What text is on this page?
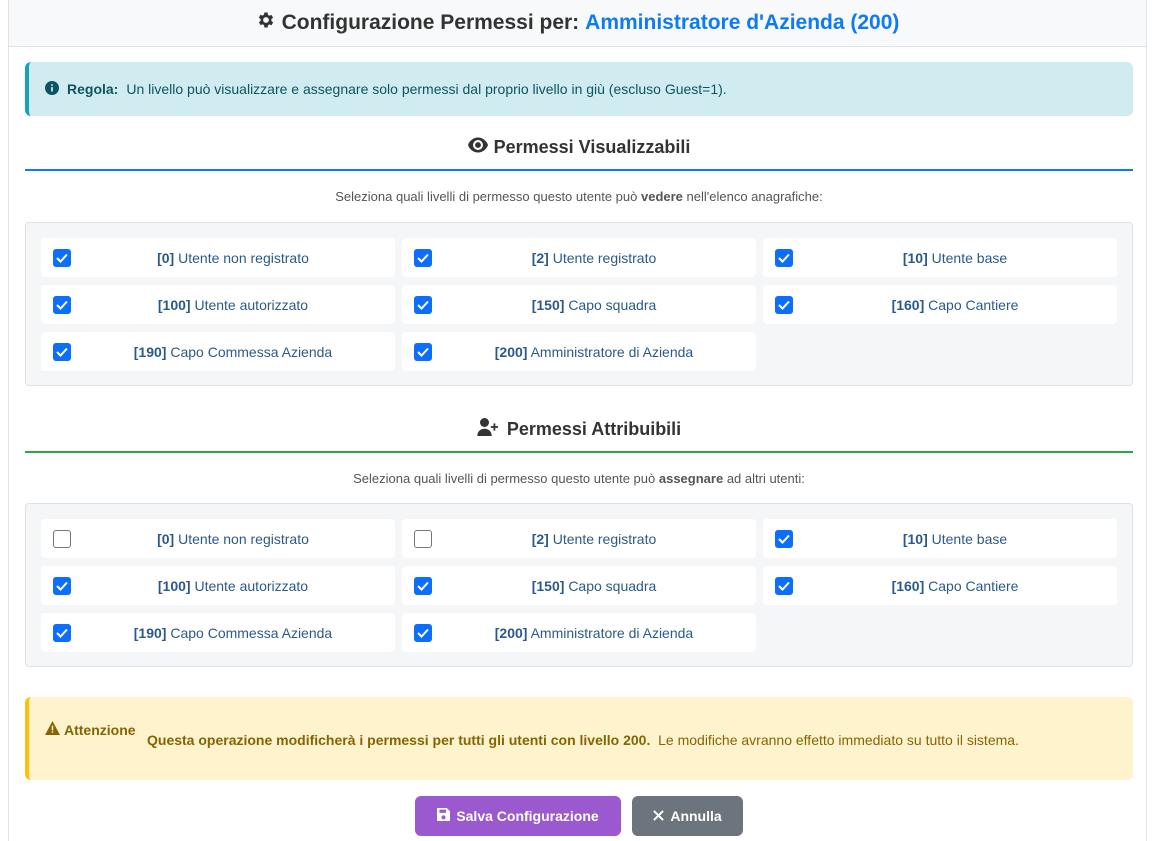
Configurazione Permessi per: Amministratore d'Azienda (200)
Regola: Un livello può visualizzare e assegnare solo permessi dal proprio livello in giù (escluso Guest=1).
Permessi Visualizzabili
Seleziona quali livelli di permesso questo utente può vedere nell'elenco anagrafiche:
[0] Utente non registrato	[2] Utente registrato	[10] Utente base
[100] Utente autorizzato	[150] Capo squadra	[160] Capo Cantiere
[190] Capo Commessa Azienda	[200] Amministratore di Azienda
Permessi Attribuibili
Seleziona quali livelli di permesso questo utente può assegnare ad altri utenti:
[0] Utente non registrato	[2] Utente registrato	[10] Utente base
[100] Utente autorizzato	[150] Capo squadra	[160] Capo Cantiere
[190] Capo Commessa Azienda	[200] Amministratore di Azienda
Attenzione
Questa operazione modificherà i permessi per tutti gli utenti con livello 200. Le modifiche avranno effetto immediato su tutto il sistema.
Salva Configurazione	Annulla
